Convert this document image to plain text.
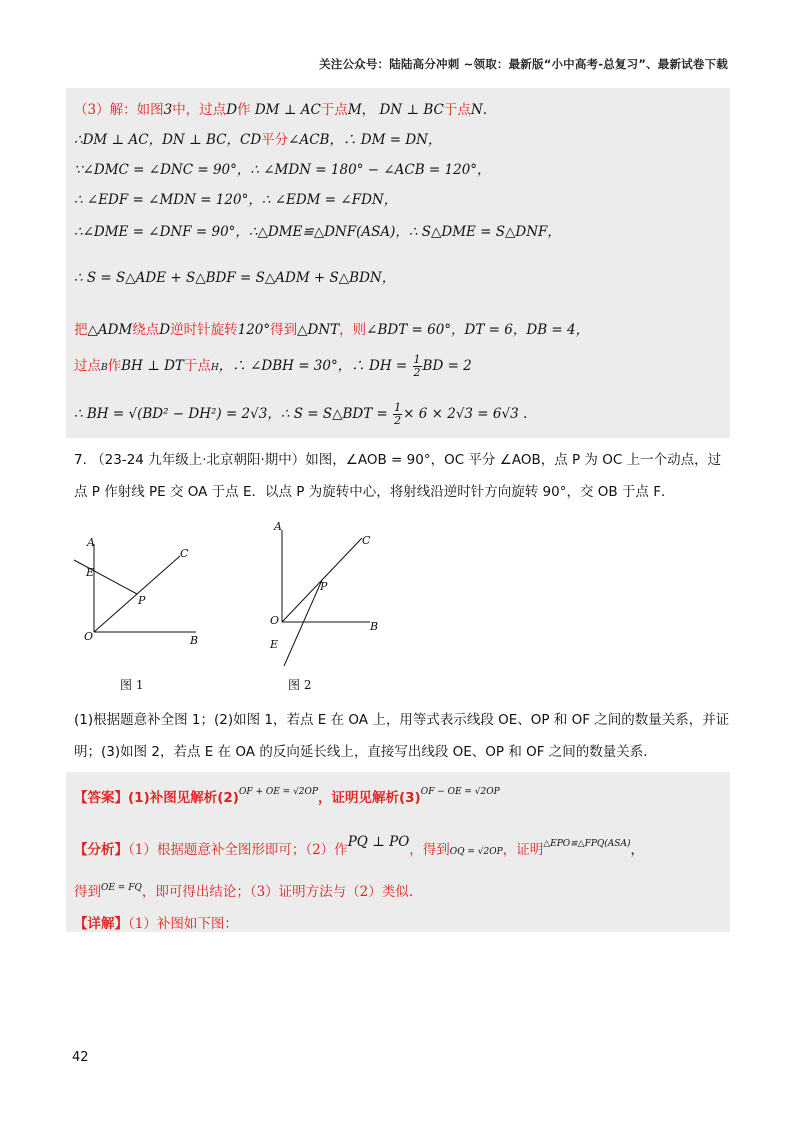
关注公众号：陆陆高分冲刺 ~领取：最新版“小中高考-总复习”、最新试卷下载
（3）解：如图3中，过点D作 DM ⊥ AC于点M， DN ⊥ BC于点N.
∴DM ⊥ AC，DN ⊥ BC，CD平分∠ACB，∴ DM = DN，
∵∠DMC = ∠DNC = 90°，∴ ∠MDN = 180° − ∠ACB = 120°，
∴ ∠EDF = ∠MDN = 120°，∴ ∠EDM = ∠FDN，
∴∠DME = ∠DNF = 90°，∴△DME≌△DNF(ASA)，∴ S△DME = S△DNF，
∴ S = S△ADE + S△BDF = S△ADM + S△BDN，
把△ADM绕点D逆时针旋转120°得到△DNT，则∠BDT = 60°，DT = 6，DB = 4，
过点B作BH ⊥ DT于点H，∴ ∠DBH = 30°，∴ DH = $\frac{1}{2}$ BD = 2
∴ BH = √(BD² − DH²) = 2√3，∴ S = S△BDT = $\frac{1}{2} \times 6 \times 2√3 = 6√3$ .
7. （23-24 九年级上·北京朝阳·期中）如图，∠AOB = 90°，OC 平分 ∠AOB，点 P 为 OC 上一个动点，过
点 P 作射线 PE 交 OA 于点 E．以点 P 为旋转中心，将射线沿逆时针方向旋转 90°，交 OB 于点 F．
A
E
C
P
O	B
图 1
A
C
P
O	B
E
图 2
(1)根据题意补全图 1；(2)如图 1，若点 E 在 OA 上，用等式表示线段 OE、OP 和 OF 之间的数量关系，并证
明；(3)如图 2，若点 E 在 OA 的反向延长线上，直接写出线段 OE、OP 和 OF 之间的数量关系．
【答案】(1)补图见解析$(2)^{OF + OE = √2OP}$，证明见解析$(3)^{OF - OE = √2OP}$
【分析】（1）根据题意补全图形即可；（2）作PQ ⊥ PO，得到OQ = √2OP，证明$^{\triangle EPO≌\triangle FPQ(ASA)}$，
得到$^{OE = FQ}$，即可得出结论；（3）证明方法与（2）类似.
【详解】（1）补图如下图：
42
